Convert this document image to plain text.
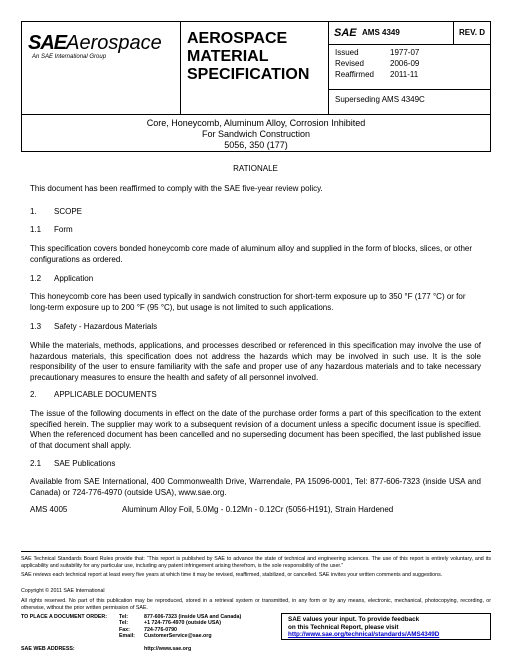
SAEAerospace
An SAE International Group
AEROSPACE
MATERIAL
SPECIFICATION
SAE AMS 4349	REV. D
Issued	1977-07
Revised	2006-09
Reaffirmed 2011-11
Superseding AMS 4349C
Core, Honeycomb, Aluminum Alloy, Corrosion Inhibited
For Sandwich Construction
5056, 350 (177)
RATIONALE
This document has been reaffirmed to comply with the SAE five-year review policy.
1. SCOPE
1.1 Form
This specification covers bonded honeycomb core made of aluminum alloy and supplied in the form of blocks, slices, or other configurations as ordered.
1.2 Application
This honeycomb core has been used typically in sandwich construction for short-term exposure up to 350 °F (177 °C) or for long-term exposure up to 200 °F (95 °C), but usage is not limited to such applications.
1.3 Safety - Hazardous Materials
While the materials, methods, applications, and processes described or referenced in this specification may involve the use of hazardous materials, this specification does not address the hazards which may be involved in such use. It is the sole responsibility of the user to ensure familiarity with the safe and proper use of any hazardous materials and to take necessary precautionary measures to ensure the health and safety of all personnel involved.
2. APPLICABLE DOCUMENTS
The issue of the following documents in effect on the date of the purchase order forms a part of this specification to the extent specified herein. The supplier may work to a subsequent revision of a document unless a specific document issue is specified. When the referenced document has been cancelled and no superseding document has been specified, the last published issue of that document shall apply.
2.1 SAE Publications
Available from SAE International, 400 Commonwealth Drive, Warrendale, PA 15096-0001, Tel: 877-606-7323 (inside USA and Canada) or 724-776-4970 (outside USA), www.sae.org.
AMS 4005	Aluminum Alloy Foil, 5.0Mg - 0.12Mn - 0.12Cr (5056-H191), Strain Hardened
SAE Technical Standards Board Rules provide that: “This report is published by SAE to advance the state of technical and engineering sciences. The use of this report is entirely voluntary, and its applicability and suitability for any particular use, including any patent infringement arising therefrom, is the sole responsibility of the user.”
SAE reviews each technical report at least every five years at which time it may be revised, reaffirmed, stabilized, or cancelled. SAE invites your written comments and suggestions.
Copyright © 2011 SAE International
All rights reserved. No part of this publication may be reproduced, stored in a retrieval system or transmitted, in any form or by any means, electronic, mechanical, photocopying, recording, or otherwise, without the prior written permission of SAE.
TO PLACE A DOCUMENT ORDER:	Tel:	877-606-7323 (inside USA and Canada)
Tel:	+1 724-776-4970 (outside USA)
Fax:	724-776-0790
Email:	CustomerService@sae.org
SAE values your input. To provide feedback
on this Technical Report, please visit
http://www.sae.org/technical/standards/AMS4349D
SAE WEB ADDRESS:	http://www.sae.org
